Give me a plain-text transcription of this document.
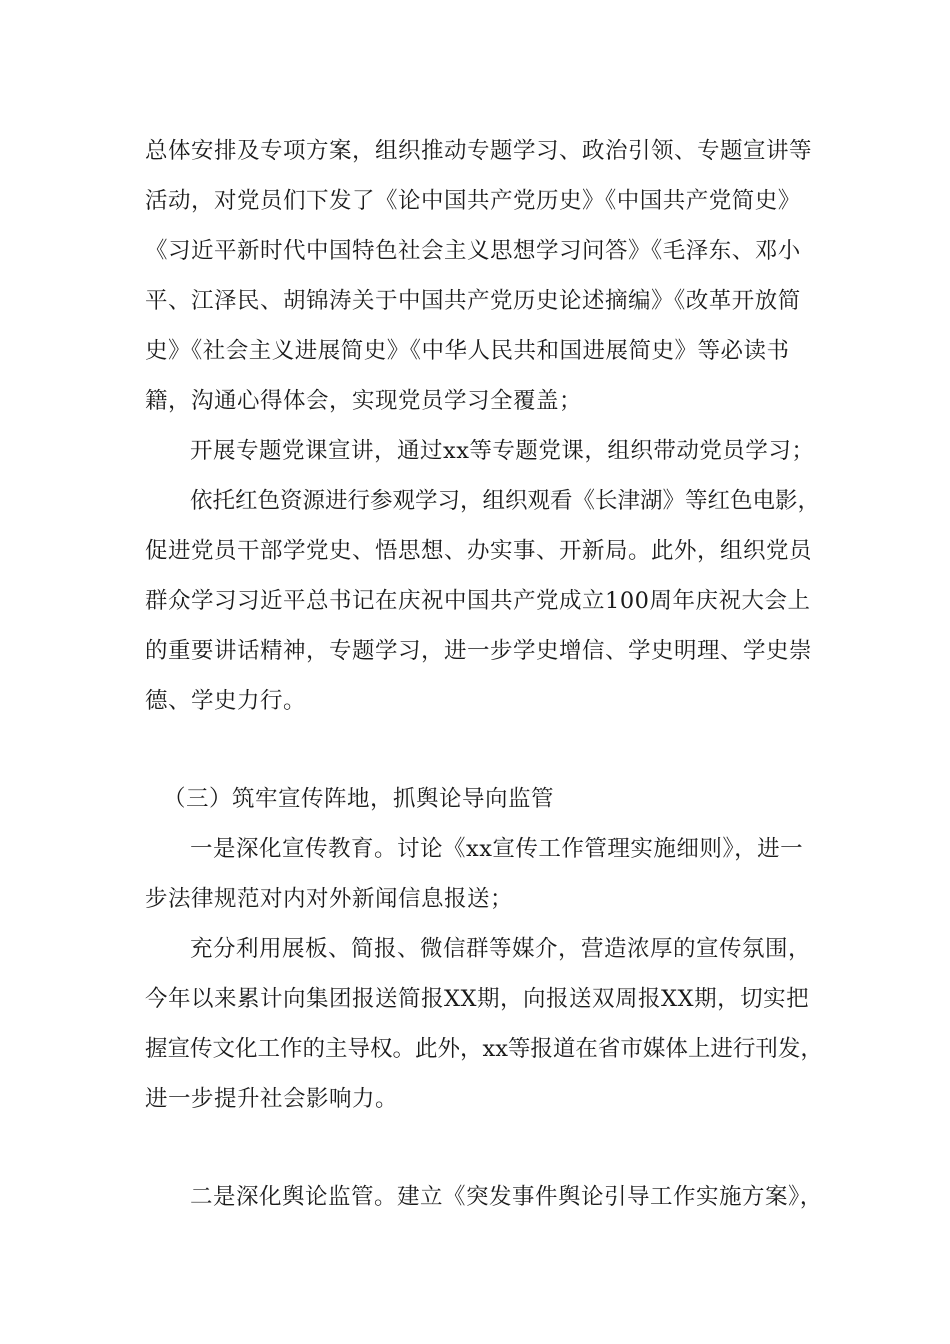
总体安排及专项方案，组织推动专题学习、政治引领、专题宣讲等
活动，对党员们下发了《论中国共产党历史》《中国共产党简史》
《习近平新时代中国特色社会主义思想学习问答》《毛泽东、邓小
平、江泽民、胡锦涛关于中国共产党历史论述摘编》《改革开放简
史》《社会主义进展简史》《中华人民共和国进展简史》等必读书
籍，沟通心得体会，实现党员学习全覆盖；
开展专题党课宣讲，通过xx等专题党课，组织带动党员学习；
依托红色资源进行参观学习，组织观看《长津湖》等红色电影，
促进党员干部学党史、悟思想、办实事、开新局。此外，组织党员
群众学习习近平总书记在庆祝中国共产党成立100周年庆祝大会上
的重要讲话精神，专题学习，进一步学史增信、学史明理、学史崇
德、学史力行。
（三）筑牢宣传阵地，抓舆论导向监管
一是深化宣传教育。讨论《xx宣传工作管理实施细则》，进一
步法律规范对内对外新闻信息报送；
充分利用展板、简报、微信群等媒介，营造浓厚的宣传氛围，
今年以来累计向集团报送简报XX期，向报送双周报XX期，切实把
握宣传文化工作的主导权。此外，xx等报道在省市媒体上进行刊发，
进一步提升社会影响力。
二是深化舆论监管。建立《突发事件舆论引导工作实施方案》，
